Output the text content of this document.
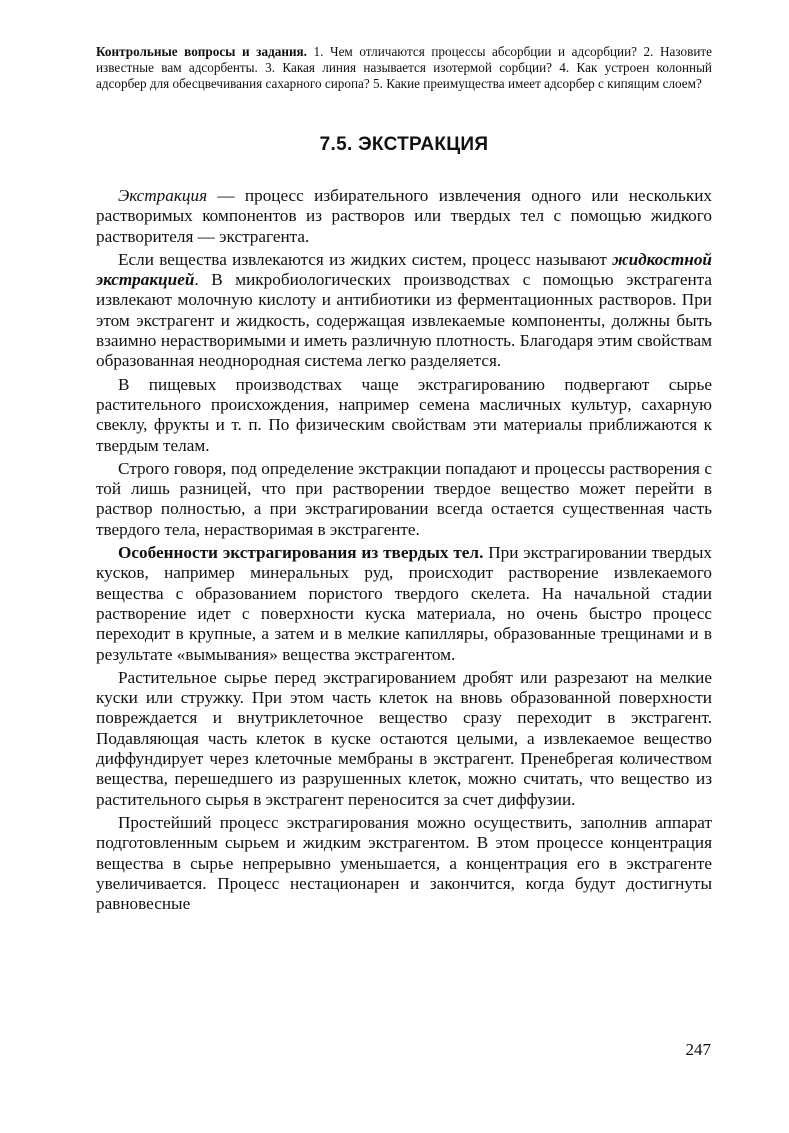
Контрольные вопросы и задания. 1. Чем отличаются процессы абсорбции и адсорбции? 2. Назовите известные вам адсорбенты. 3. Какая линия называется изотермой сорбции? 4. Как устроен колонный адсорбер для обесцвечивания сахарного сиропа? 5. Какие преимущества имеет адсорбер с кипящим слоем?

7.5. ЭКСТРАКЦИЯ

Экстракция — процесс избирательного извлечения одного или нескольких растворимых компонентов из растворов или твердых тел с помощью жидкого растворителя — экстрагента.

Если вещества извлекаются из жидких систем, процесс называют жидкостной экстракцией. В микробиологических производствах с помощью экстрагента извлекают молочную кислоту и антибиотики из ферментационных растворов. При этом экстрагент и жидкость, содержащая извлекаемые компоненты, должны быть взаимно нерастворимыми и иметь различную плотность. Благодаря этим свойствам образованная неоднородная система легко разделяется.

В пищевых производствах чаще экстрагированию подвергают сырье растительного происхождения, например семена масличных культур, сахарную свеклу, фрукты и т. п. По физическим свойствам эти материалы приближаются к твердым телам.

Строго говоря, под определение экстракции попадают и процессы растворения с той лишь разницей, что при растворении твердое вещество может перейти в раствор полностью, а при экстрагировании всегда остается существенная часть твердого тела, нерастворимая в экстрагенте.

Особенности экстрагирования из твердых тел. При экстрагировании твердых кусков, например минеральных руд, происходит растворение извлекаемого вещества с образованием пористого твердого скелета. На начальной стадии растворение идет с поверхности куска материала, но очень быстро процесс переходит в крупные, а затем и в мелкие капилляры, образованные трещинами и в результате «вымывания» вещества экстрагентом.

Растительное сырье перед экстрагированием дробят или разрезают на мелкие куски или стружку. При этом часть клеток на вновь образованной поверхности повреждается и внутриклеточное вещество сразу переходит в экстрагент. Подавляющая часть клеток в куске остаются целыми, а извлекаемое вещество диффундирует через клеточные мембраны в экстрагент. Пренебрегая количеством вещества, перешедшего из разрушенных клеток, можно считать, что вещество из растительного сырья в экстрагент переносится за счет диффузии.

Простейший процесс экстрагирования можно осуществить, заполнив аппарат подготовленным сырьем и жидким экстрагентом. В этом процессе концентрация вещества в сырье непрерывно уменьшается, а концентрация его в экстрагенте увеличивается. Процесс нестационарен и закончится, когда будут достигнуты равновесные

247
